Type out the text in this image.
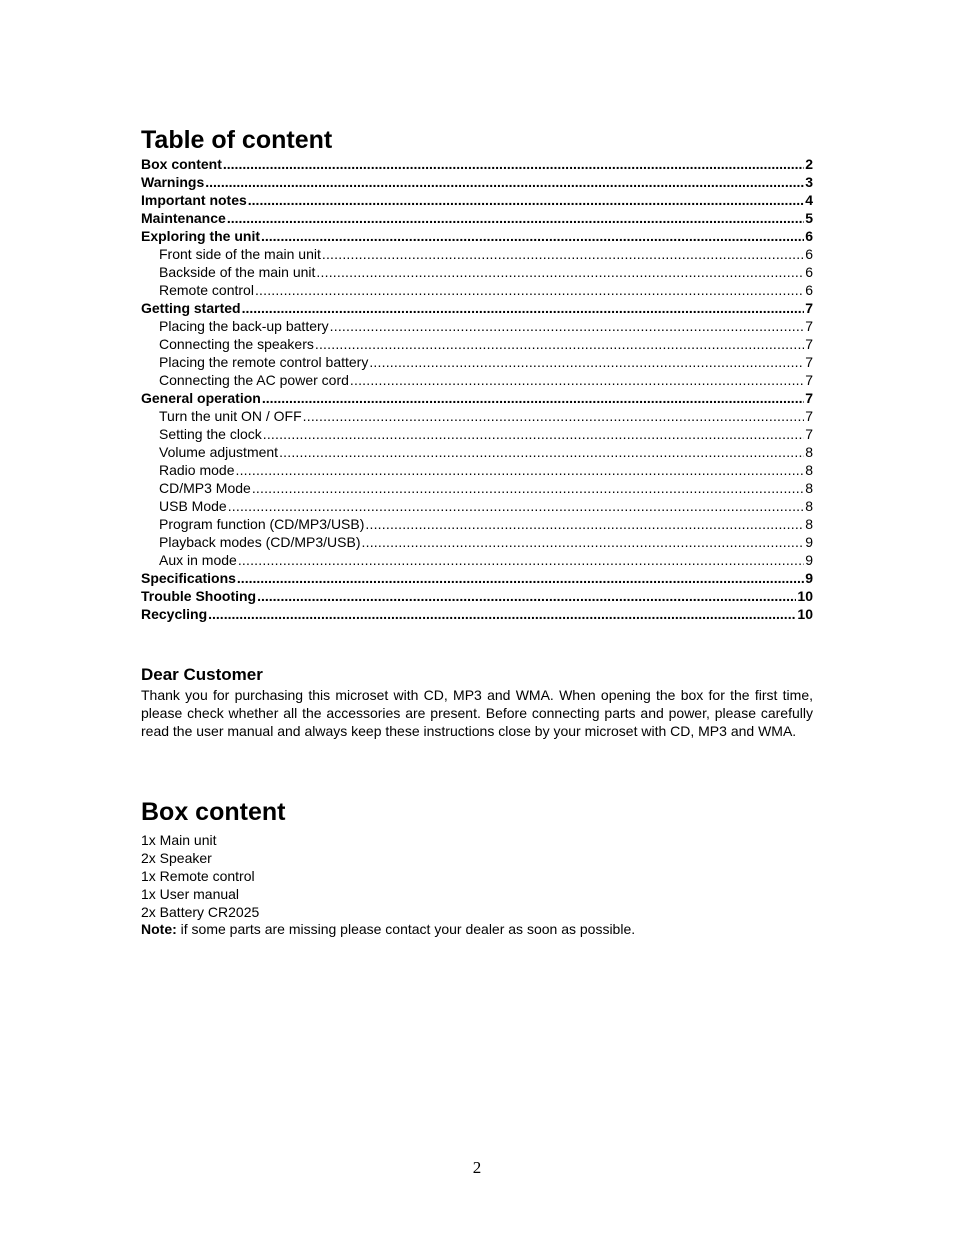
Table of content
Box content .....	2
Warnings .....	3
Important notes .....	4
Maintenance .....	5
Exploring the unit .....	6
Front side of the main unit .....	6
Backside of the main unit .....	6
Remote control .....	6
Getting started .....	7
Placing the back-up battery .....	7
Connecting the speakers .....	7
Placing the remote control battery .....	7
Connecting the AC power cord .....	7
General operation .....	7
Turn the unit ON / OFF .....	7
Setting the clock .....	7
Volume adjustment .....	8
Radio mode .....	8
CD/MP3 Mode .....	8
USB Mode .....	8
Program function (CD/MP3/USB) .....	8
Playback modes (CD/MP3/USB) .....	9
Aux in mode .....	9
Specifications .....	9
Trouble Shooting .....	10
Recycling .....	10
Dear Customer

Thank you for purchasing this microset with CD, MP3 and WMA. When opening the box for the first time, please check whether all the accessories are present. Before connecting parts and power, please carefully read the user manual and always keep these instructions close by your microset with CD, MP3 and WMA.

Box content
1x Main unit
2x Speaker
1x Remote control
1x User manual
2x Battery CR2025

Note: if some parts are missing please contact your dealer as soon as possible.

2
